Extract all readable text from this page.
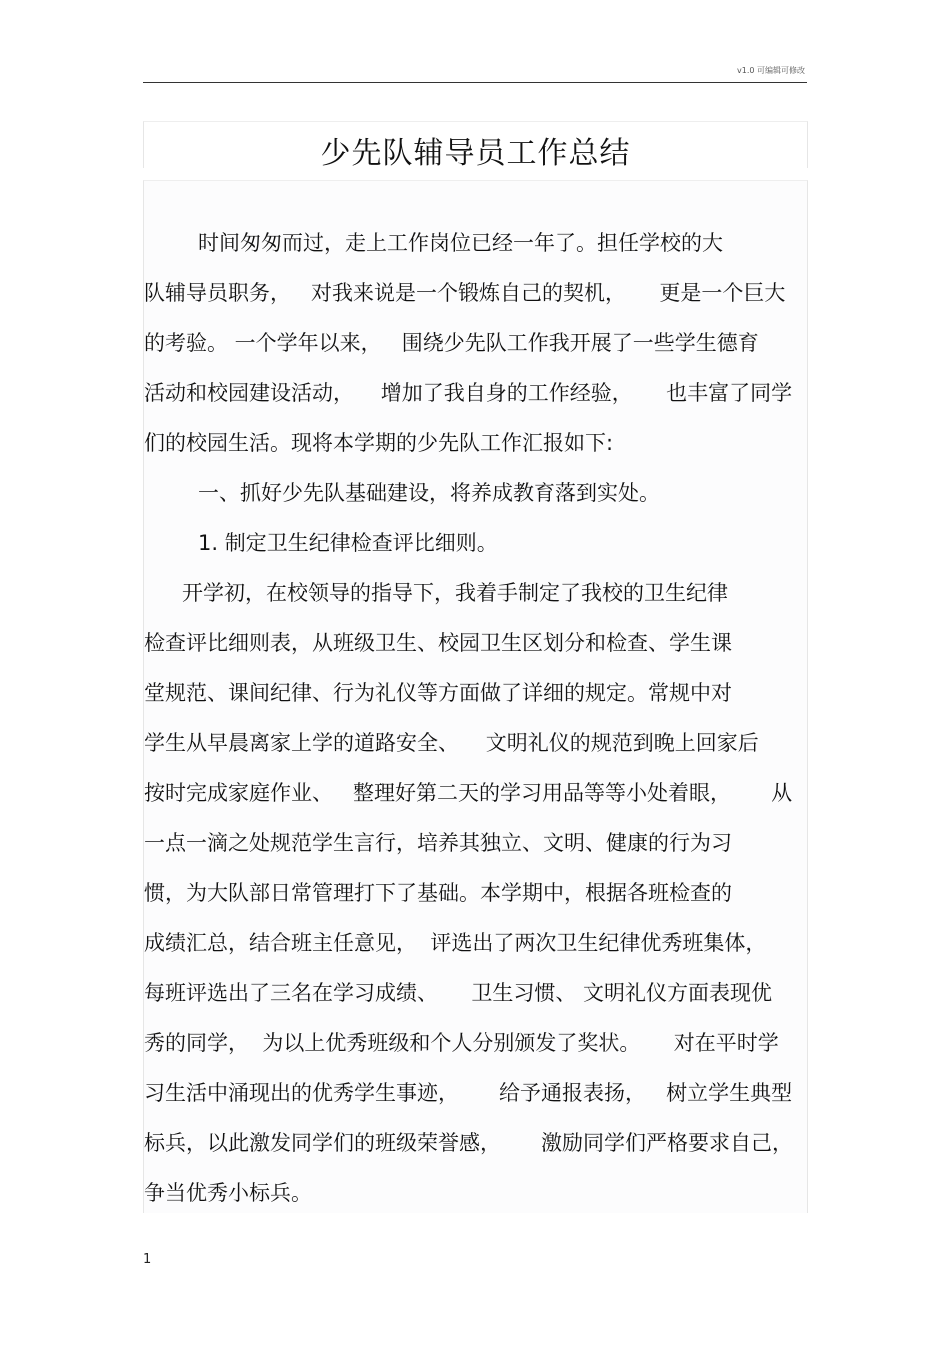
v1.0 可编辑可修改
少先队辅导员工作总结
时间匆匆而过，走上工作岗位已经一年了。担任学校的大
队辅导员职务，   对我来说是一个锻炼自己的契机，     更是一个巨大
的考验。 一个学年以来，   围绕少先队工作我开展了一些学生德育
活动和校园建设活动，    增加了我自身的工作经验，     也丰富了同学
们的校园生活。现将本学期的少先队工作汇报如下:
一、抓好少先队基础建设，将养成教育落到实处。
1. 制定卫生纪律检查评比细则。
开学初，在校领导的指导下，我着手制定了我校的卫生纪律
检查评比细则表，从班级卫生、校园卫生区划分和检查、学生课
堂规范、课间纪律、行为礼仪等方面做了详细的规定。常规中对
学生从早晨离家上学的道路安全、    文明礼仪的规范到晚上回家后
按时完成家庭作业、   整理好第二天的学习用品等等小处着眼，      从
一点一滴之处规范学生言行，培养其独立、文明、健康的行为习
惯，为大队部日常管理打下了基础。本学期中，根据各班检查的
成绩汇总，结合班主任意见，  评选出了两次卫生纪律优秀班集体，
每班评选出了三名在学习成绩、     卫生习惯、 文明礼仪方面表现优
秀的同学，  为以上优秀班级和个人分别颁发了奖状。     对在平时学
习生活中涌现出的优秀学生事迹，      给予通报表扬，   树立学生典型
标兵，以此激发同学们的班级荣誉感，      激励同学们严格要求自己，
争当优秀小标兵。
1
